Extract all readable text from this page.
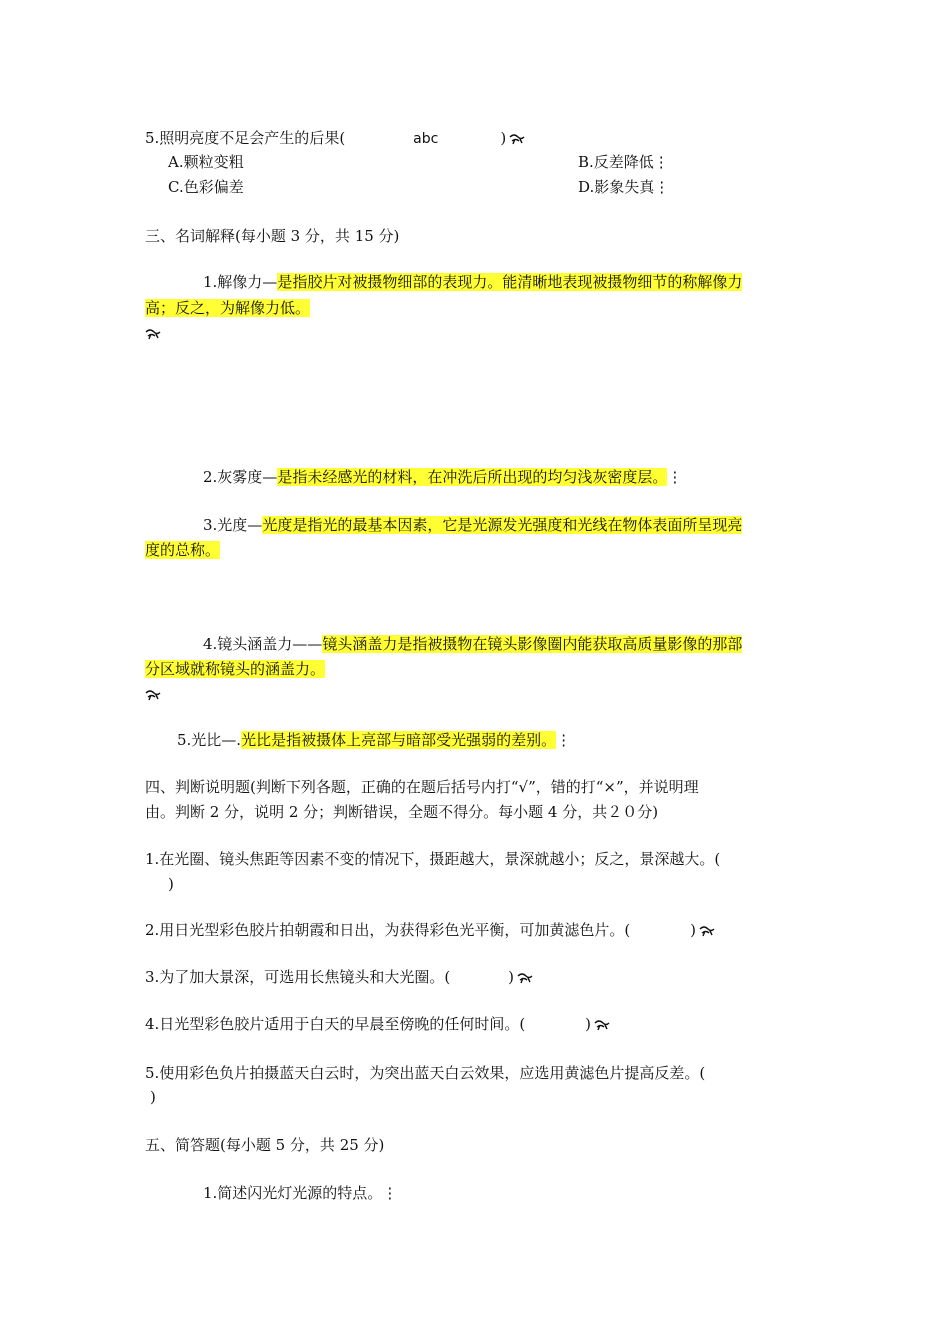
5.照明亮度不足会产生的后果(	abc	)
A.颗粒变粗	B.反差降低⋮
C.色彩偏差	D.影象失真⋮
三、名词解释(每小题 3 分，共 15 分)
1.解像力—是指胶片对被摄物细部的表现力。能清晰地表现被摄物细节的称解像力
高；反之，为解像力低。
2.灰雾度—是指未经感光的材料，在冲洗后所出现的均匀浅灰密度层。⋮
3.光度—光度是指光的最基本因素，它是光源发光强度和光线在物体表面所呈现亮
度的总称。
4.镜头涵盖力——镜头涵盖力是指被摄物在镜头影像圈内能获取高质量影像的那部
分区域就称镜头的涵盖力。
5.光比—.光比是指被摄体上亮部与暗部受光强弱的差别。⋮
四、判断说明题(判断下列各题，正确的在题后括号内打“√”，错的打“×”，并说明理
由。判断 2 分，说明 2 分；判断错误，全题不得分。每小题 4 分，共２０分)
1.在光圈、镜头焦距等因素不变的情况下，摄距越大，景深就越小；反之，景深越大。(
)
2.用日光型彩色胶片拍朝霞和日出，为获得彩色光平衡，可加黄滤色片。(	)
3.为了加大景深，可选用长焦镜头和大光圈。(	)
4.日光型彩色胶片适用于白天的早晨至傍晚的任何时间。(	)
5.使用彩色负片拍摄蓝天白云时，为突出蓝天白云效果，应选用黄滤色片提高反差。(
)
五、简答题(每小题 5 分，共 25 分)
1.简述闪光灯光源的特点。⋮
